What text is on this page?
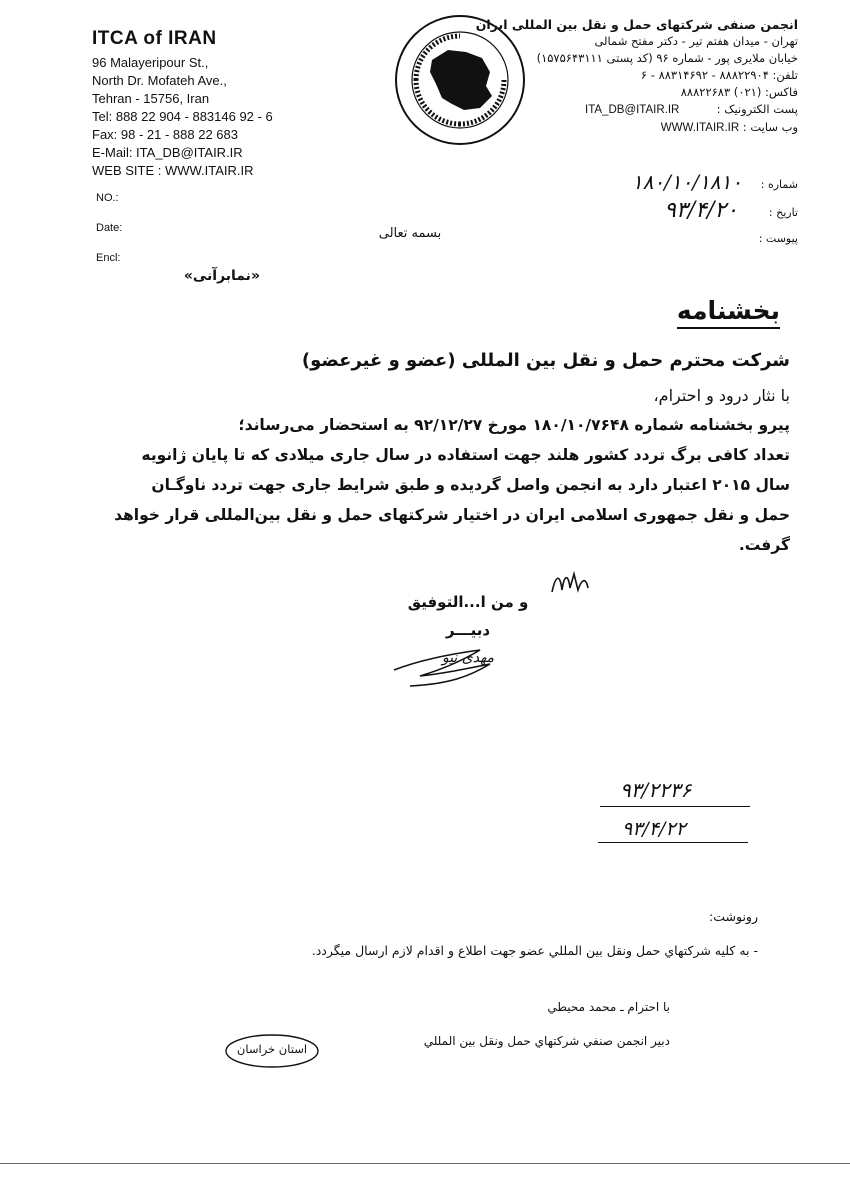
ITCA of IRAN
96 Malayeripour St.,
North Dr. Mofateh Ave.,
Tehran - 15756, Iran
Tel: 888 22 904 - 883146 92 - 6
Fax: 98 - 21 - 888 22 683
E-Mail: ITA_DB@ITAIR.IR
WEB SITE : WWW.ITAIR.IR
انجمن صنفی شرکتهای حمل و نقل بین المللی ایران
تهران - میدان هفتم تیر - دکتر مفتح شمالی
خیابان ملایری پور - شماره ۹۶ (کد پستی ۱۵۷۵۶۴۳۱۱۱)
تلفن: ۸۸۸۲۲۹۰۴ - ۸۸۳۱۴۶۹۲ - ۶
فاکس: (۰۲۱) ۸۸۸۲۲۶۸۳
پست الکترونیک :  ITA_DB@ITAIR.IR
وب سایت : WWW.ITAIR.IR
NO.:
Date:
Encl:
شماره :
تاریخ :
پیوست :
۱۸۰/۱۰/۱۸۱۰
۹۳/۴/۲۰
بسمه تعالی
«نمابرآنی»
بخشنامه
شرکت محترم حمل و نقل بین المللی (عضو و غیرعضو)
با نثار درود و احترام،
پیرو بخشنامه شماره ۱۸۰/۱۰/۷۶۴۸ مورخ ۹۲/۱۲/۲۷ به استحضار می‌رساند؛
تعداد کافی برگ تردد کشور هلند جهت استفاده در سال جاری میلادی که تا پایان ژانویه
سال ۲۰۱۵ اعتبار دارد به انجمن واصل گردیده و طبق شرایط جاری جهت تردد ناوگـان
حمل و نقل جمهوری اسلامی ایران در اختیار شرکتهای حمل و نقل بین‌المللی قرار خواهد
گرفت.
و من ا...التوفیق
دبیـــر
مهدی نیو
۹۳/۲۲۳۶
۹۳/۴/۲۲
رونوشت:
- به كليه شركتهاي حمل ونقل بين المللي عضو جهت اطلاع و اقدام لازم ارسال ميگردد.
با احترام ـ محمد محيطي
دبير انجمن صنفي شركتهاي حمل ونقل بين المللي
استان خراسان
